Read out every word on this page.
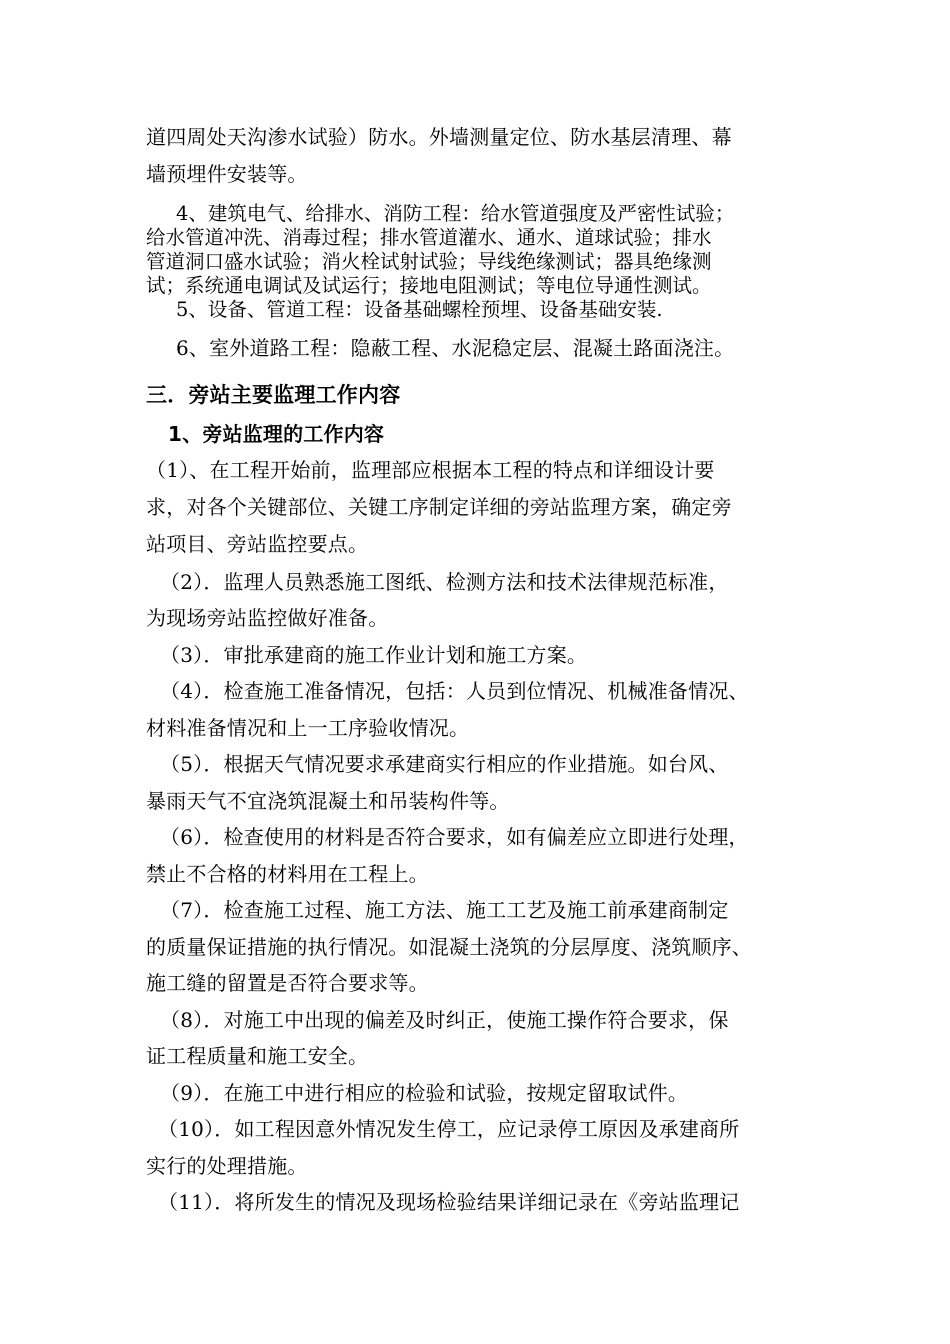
道四周处天沟渗水试验）防水。外墙测量定位、防水基层清理、幕
墙预埋件安装等。
4、建筑电气、给排水、消防工程：给水管道强度及严密性试验；
给水管道冲洗、消毒过程；排水管道灌水、通水、道球试验；排水
管道洞口盛水试验；消火栓试射试验；导线绝缘测试；器具绝缘测
试；系统通电调试及试运行；接地电阻测试；等电位导通性测试。
5、设备、管道工程：设备基础螺栓预埋、设备基础安装.
6、室外道路工程：隐蔽工程、水泥稳定层、混凝土路面浇注。
三．旁站主要监理工作内容
1、旁站监理的工作内容
（1）、在工程开始前，监理部应根据本工程的特点和详细设计要
求，对各个关键部位、关键工序制定详细的旁站监理方案，确定旁
站项目、旁站监控要点。
（2）．监理人员熟悉施工图纸、检测方法和技术法律规范标准，
为现场旁站监控做好准备。
（3）．审批承建商的施工作业计划和施工方案。
（4）．检查施工准备情况，包括：人员到位情况、机械准备情况、
材料准备情况和上一工序验收情况。
（5）．根据天气情况要求承建商实行相应的作业措施。如台风、
暴雨天气不宜浇筑混凝土和吊装构件等。
（6）．检查使用的材料是否符合要求，如有偏差应立即进行处理，
禁止不合格的材料用在工程上。
（7）．检查施工过程、施工方法、施工工艺及施工前承建商制定
的质量保证措施的执行情况。如混凝土浇筑的分层厚度、浇筑顺序、
施工缝的留置是否符合要求等。
（8）．对施工中出现的偏差及时纠正，使施工操作符合要求，保
证工程质量和施工安全。
（9）．在施工中进行相应的检验和试验，按规定留取试件。
（10）．如工程因意外情况发生停工，应记录停工原因及承建商所
实行的处理措施。
（11）．将所发生的情况及现场检验结果详细记录在《旁站监理记
